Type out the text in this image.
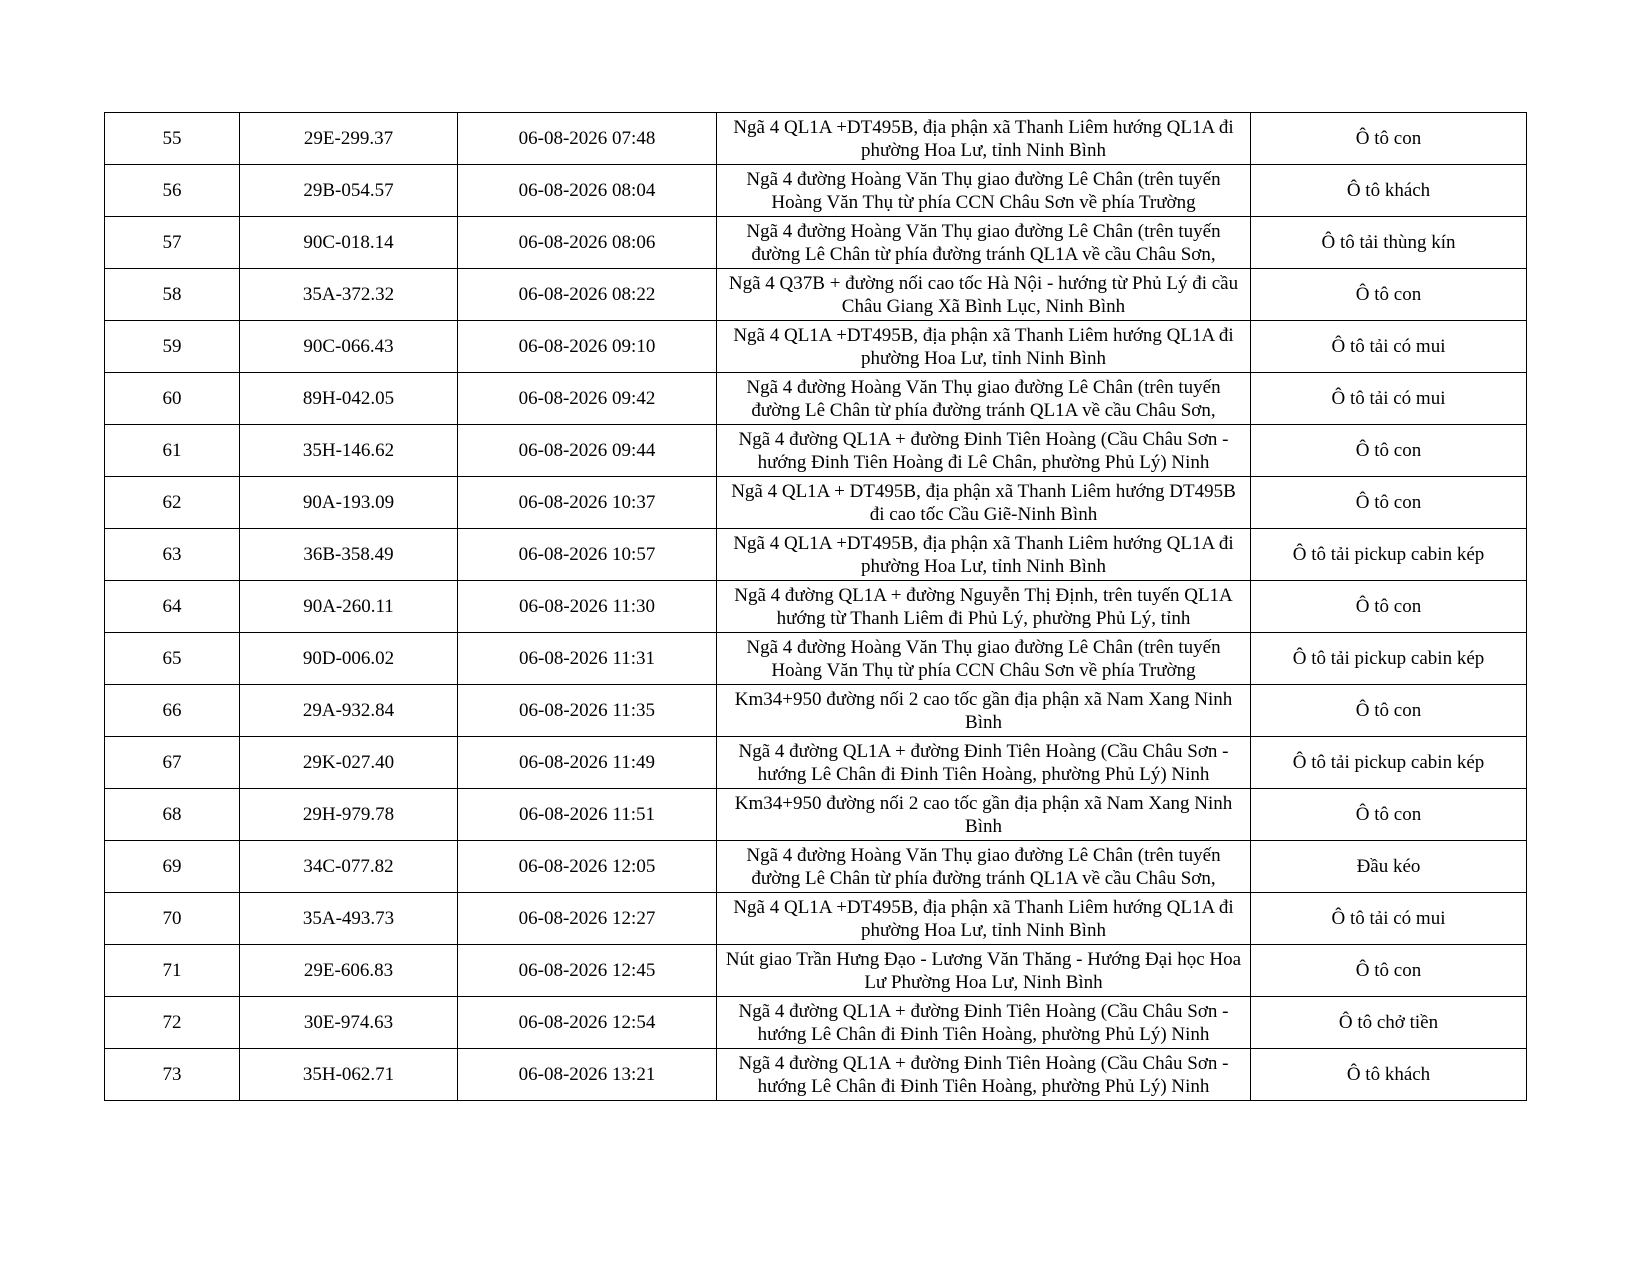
55	29E-299.37	06-08-2026 07:48	Ngã 4 QL1A +DT495B, địa phận xã Thanh Liêm hướng QL1A đi phường Hoa Lư, tỉnh Ninh Bình	Ô tô con
56	29B-054.57	06-08-2026 08:04	Ngã 4 đường Hoàng Văn Thụ giao đường Lê Chân (trên tuyến Hoàng Văn Thụ từ phía CCN Châu Sơn về phía Trường	Ô tô khách
57	90C-018.14	06-08-2026 08:06	Ngã 4 đường Hoàng Văn Thụ giao đường Lê Chân (trên tuyến đường Lê Chân từ phía đường tránh QL1A về cầu Châu Sơn,	Ô tô tải thùng kín
58	35A-372.32	06-08-2026 08:22	Ngã 4 Q37B + đường nối cao tốc Hà Nội - hướng từ Phủ Lý đi cầu Châu Giang Xã Bình Lục, Ninh Bình	Ô tô con
59	90C-066.43	06-08-2026 09:10	Ngã 4 QL1A +DT495B, địa phận xã Thanh Liêm hướng QL1A đi phường Hoa Lư, tỉnh Ninh Bình	Ô tô tải có mui
60	89H-042.05	06-08-2026 09:42	Ngã 4 đường Hoàng Văn Thụ giao đường Lê Chân (trên tuyến đường Lê Chân từ phía đường tránh QL1A về cầu Châu Sơn,	Ô tô tải có mui
61	35H-146.62	06-08-2026 09:44	Ngã 4 đường QL1A + đường Đinh Tiên Hoàng (Cầu Châu Sơn - hướng Đinh Tiên Hoàng đi Lê Chân, phường Phủ Lý) Ninh	Ô tô con
62	90A-193.09	06-08-2026 10:37	Ngã 4 QL1A + DT495B, địa phận xã Thanh Liêm hướng DT495B đi cao tốc Cầu Giẽ-Ninh Bình	Ô tô con
63	36B-358.49	06-08-2026 10:57	Ngã 4 QL1A +DT495B, địa phận xã Thanh Liêm hướng QL1A đi phường Hoa Lư, tỉnh Ninh Bình	Ô tô tải pickup cabin kép
64	90A-260.11	06-08-2026 11:30	Ngã 4 đường QL1A + đường Nguyễn Thị Định, trên tuyến QL1A hướng từ Thanh Liêm đi Phủ Lý, phường Phủ Lý, tỉnh	Ô tô con
65	90D-006.02	06-08-2026 11:31	Ngã 4 đường Hoàng Văn Thụ giao đường Lê Chân (trên tuyến Hoàng Văn Thụ từ phía CCN Châu Sơn về phía Trường	Ô tô tải pickup cabin kép
66	29A-932.84	06-08-2026 11:35	Km34+950 đường nối 2 cao tốc gần địa phận xã Nam Xang Ninh Bình	Ô tô con
67	29K-027.40	06-08-2026 11:49	Ngã 4 đường QL1A + đường Đinh Tiên Hoàng (Cầu Châu Sơn - hướng Lê Chân đi Đinh Tiên Hoàng, phường Phủ Lý) Ninh	Ô tô tải pickup cabin kép
68	29H-979.78	06-08-2026 11:51	Km34+950 đường nối 2 cao tốc gần địa phận xã Nam Xang Ninh Bình	Ô tô con
69	34C-077.82	06-08-2026 12:05	Ngã 4 đường Hoàng Văn Thụ giao đường Lê Chân (trên tuyến đường Lê Chân từ phía đường tránh QL1A về cầu Châu Sơn,	Đầu kéo
70	35A-493.73	06-08-2026 12:27	Ngã 4 QL1A +DT495B, địa phận xã Thanh Liêm hướng QL1A đi phường Hoa Lư, tỉnh Ninh Bình	Ô tô tải có mui
71	29E-606.83	06-08-2026 12:45	Nút giao Trần Hưng Đạo - Lương Văn Thăng - Hướng Đại học Hoa Lư Phường Hoa Lư, Ninh Bình	Ô tô con
72	30E-974.63	06-08-2026 12:54	Ngã 4 đường QL1A + đường Đinh Tiên Hoàng (Cầu Châu Sơn - hướng Lê Chân đi Đinh Tiên Hoàng, phường Phủ Lý) Ninh	Ô tô chở tiền
73	35H-062.71	06-08-2026 13:21	Ngã 4 đường QL1A + đường Đinh Tiên Hoàng (Cầu Châu Sơn - hướng Lê Chân đi Đinh Tiên Hoàng, phường Phủ Lý) Ninh	Ô tô khách
